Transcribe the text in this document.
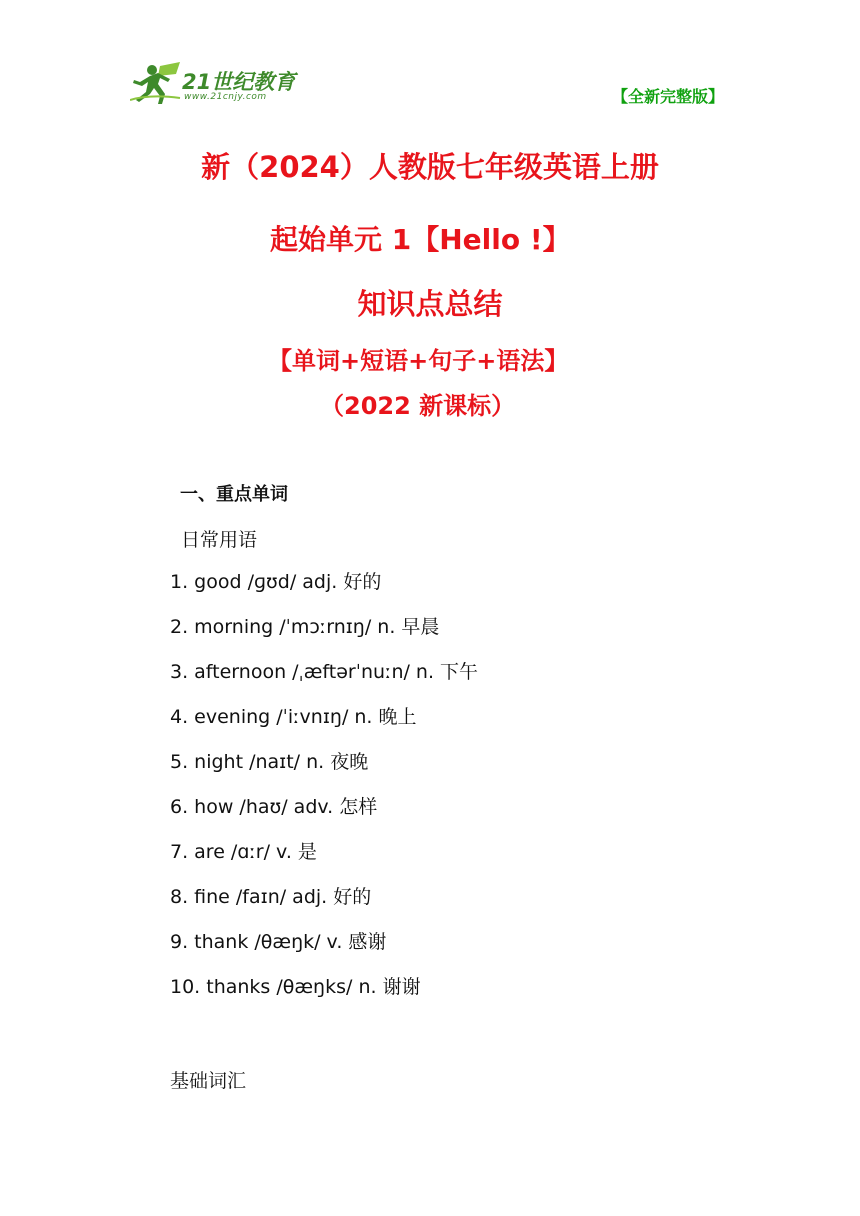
21世纪教育
www.21cnjy.com	【全新完整版】
新（2024）人教版七年级英语上册
起始单元 1【Hello !】
知识点总结
【单词+短语+句子+语法】
（2022 新课标）
一、重点单词
日常用语
1. good /ɡʊd/ adj. 好的
2. morning /ˈmɔːrnɪŋ/ n. 早晨
3. afternoon /ˌæftərˈnuːn/ n. 下午
4. evening /ˈiːvnɪŋ/ n. 晚上
5. night /naɪt/ n. 夜晚
6. how /haʊ/ adv. 怎样
7. are /ɑːr/ v. 是
8. fine /faɪn/ adj. 好的
9. thank /θæŋk/ v. 感谢
10. thanks /θæŋks/ n. 谢谢
基础词汇
